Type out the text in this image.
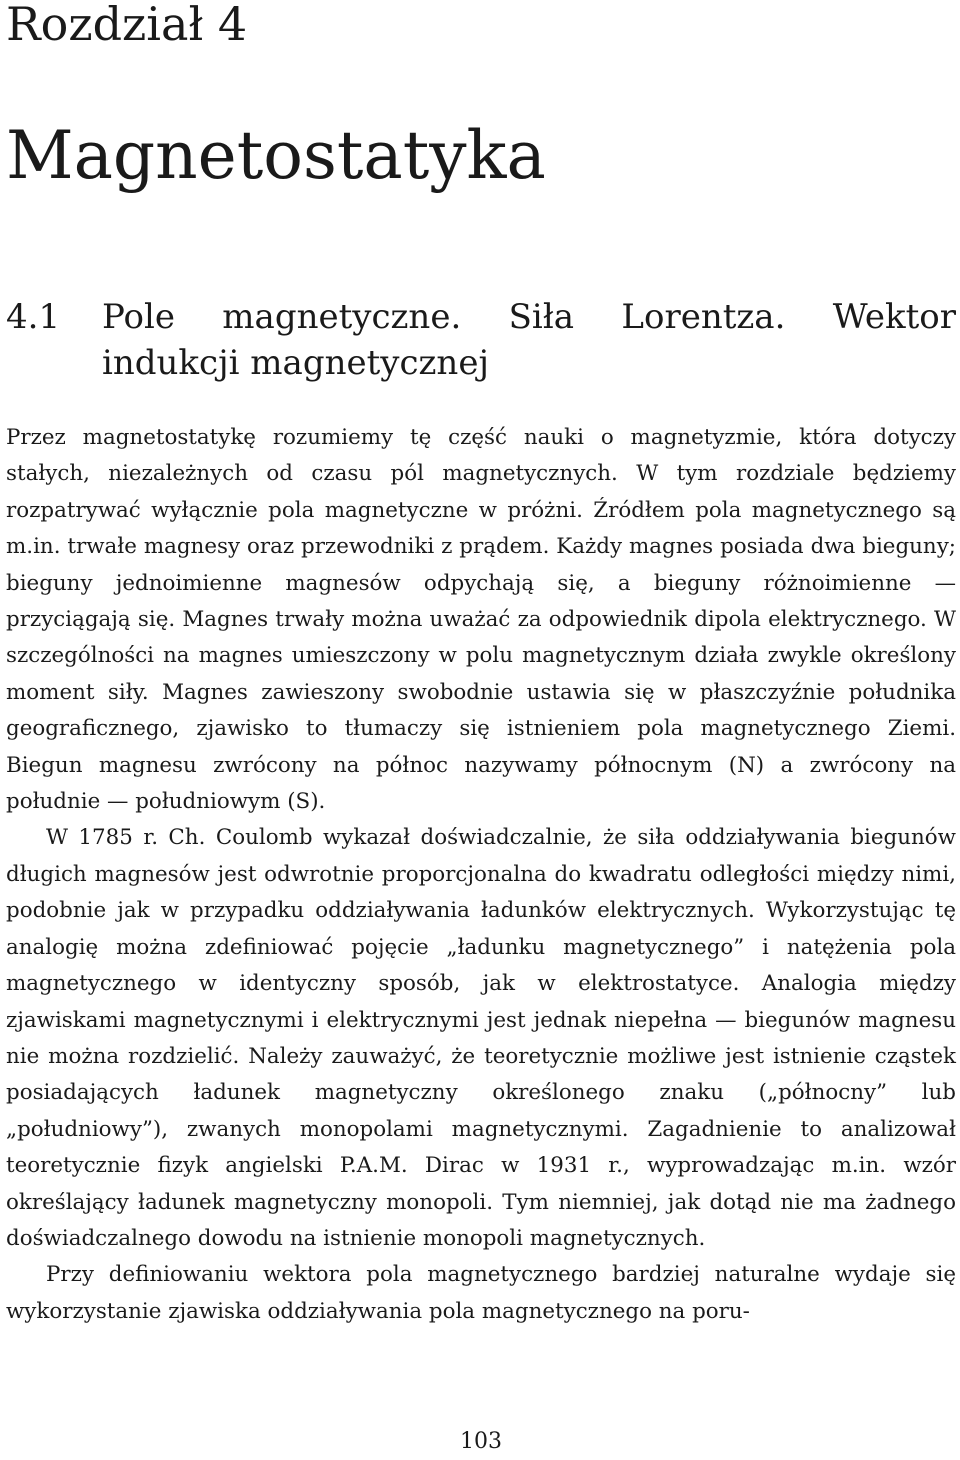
Rozdział 4
Magnetostatyka
4.1 Pole magnetyczne. Siła Lorentza. Wektor indukcji magnetycznej

Przez magnetostatykę rozumiemy tę część nauki o magnetyzmie, która dotyczy stałych, niezależnych od czasu pól magnetycznych. W tym rozdziale będziemy rozpatrywać wyłącznie pola magnetyczne w próżni. Źródłem pola magnetycznego są m.in. trwałe magnesy oraz przewodniki z prądem. Każdy magnes posiada dwa bieguny; bieguny jednoimienne magnesów odpychają się, a bieguny różnoimienne — przyciągają się. Magnes trwały można uważać za odpowiednik dipola elektrycznego. W szczególności na magnes umieszczony w polu magnetycznym działa zwykle określony moment siły. Magnes zawieszony swobodnie ustawia się w płaszczyźnie południka geograficznego, zjawisko to tłumaczy się istnieniem pola magnetycznego Ziemi. Biegun magnesu zwrócony na północ nazywamy północnym (N) a zwrócony na południe — południowym (S).

W 1785 r. Ch. Coulomb wykazał doświadczalnie, że siła oddziaływania biegunów długich magnesów jest odwrotnie proporcjonalna do kwadratu odległości między nimi, podobnie jak w przypadku oddziaływania ładunków elektrycznych. Wykorzystując tę analogię można zdefiniować pojęcie „ładunku magnetycznego” i natężenia pola magnetycznego w identyczny sposób, jak w elektrostatyce. Analogia między zjawiskami magnetycznymi i elektrycznymi jest jednak niepełna — biegunów magnesu nie można rozdzielić. Należy zauważyć, że teoretycznie możliwe jest istnienie cząstek posiadających ładunek magnetyczny określonego znaku („północny” lub „południowy”), zwanych monopolami magnetycznymi. Zagadnienie to analizował teoretycznie fizyk angielski P.A.M. Dirac w 1931 r., wyprowadzając m.in. wzór określający ładunek magnetyczny monopoli. Tym niemniej, jak dotąd nie ma żadnego doświadczalnego dowodu na istnienie monopoli magnetycznych.

Przy definiowaniu wektora pola magnetycznego bardziej naturalne wydaje się wykorzystanie zjawiska oddziaływania pola magnetycznego na poru-

103
